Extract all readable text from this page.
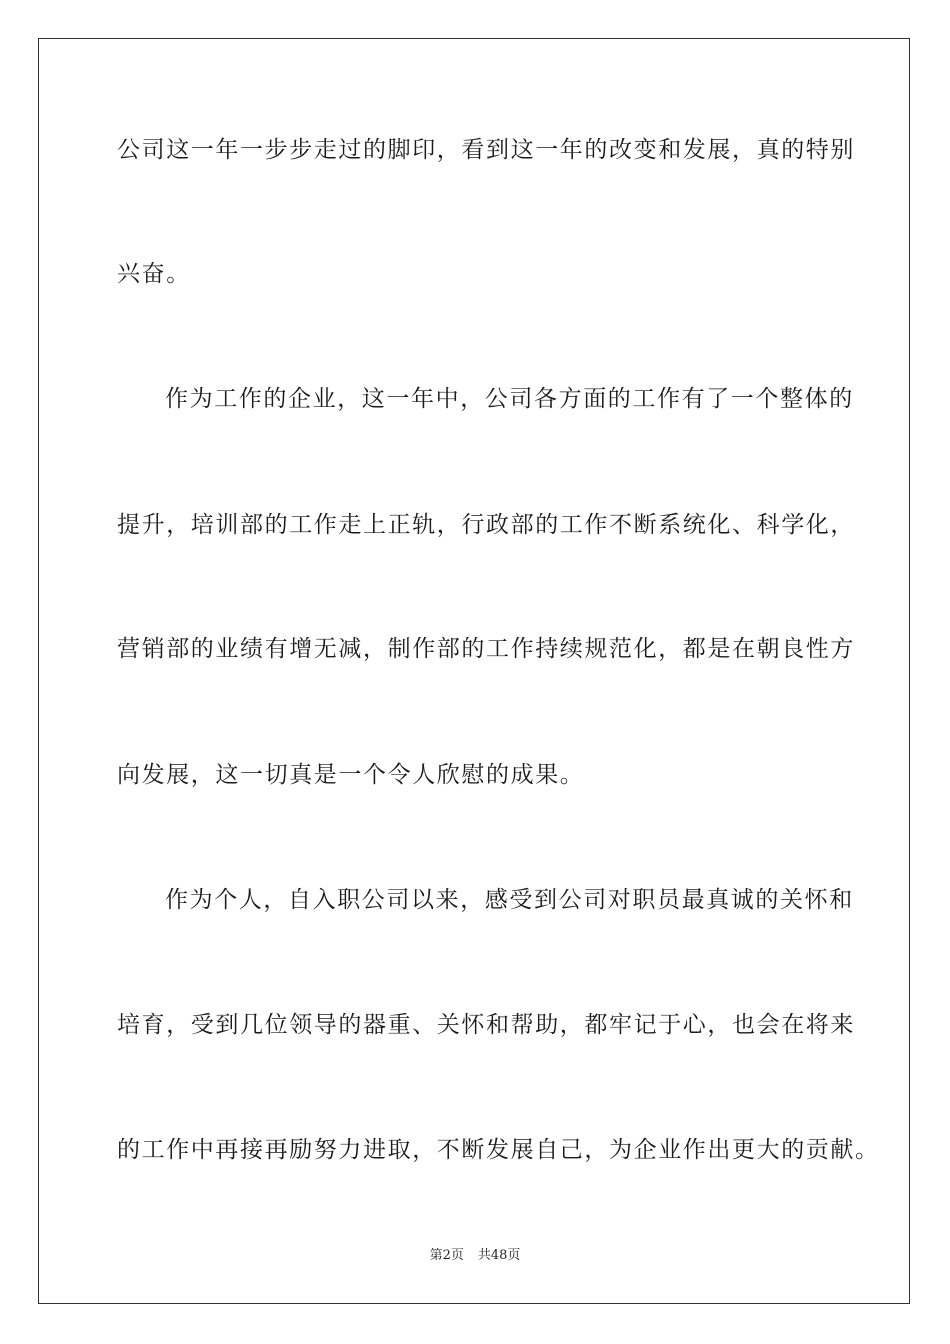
公司这一年一步步走过的脚印，看到这一年的改变和发展，真的特别
兴奋。
作为工作的企业，这一年中，公司各方面的工作有了一个整体的
提升，培训部的工作走上正轨，行政部的工作不断系统化、科学化，
营销部的业绩有增无减，制作部的工作持续规范化，都是在朝良性方
向发展，这一切真是一个令人欣慰的成果。
作为个人，自入职公司以来，感受到公司对职员最真诚的关怀和
培育，受到几位领导的器重、关怀和帮助，都牢记于心，也会在将来
的工作中再接再励努力进取，不断发展自己，为企业作出更大的贡献。
第2页 共48页
